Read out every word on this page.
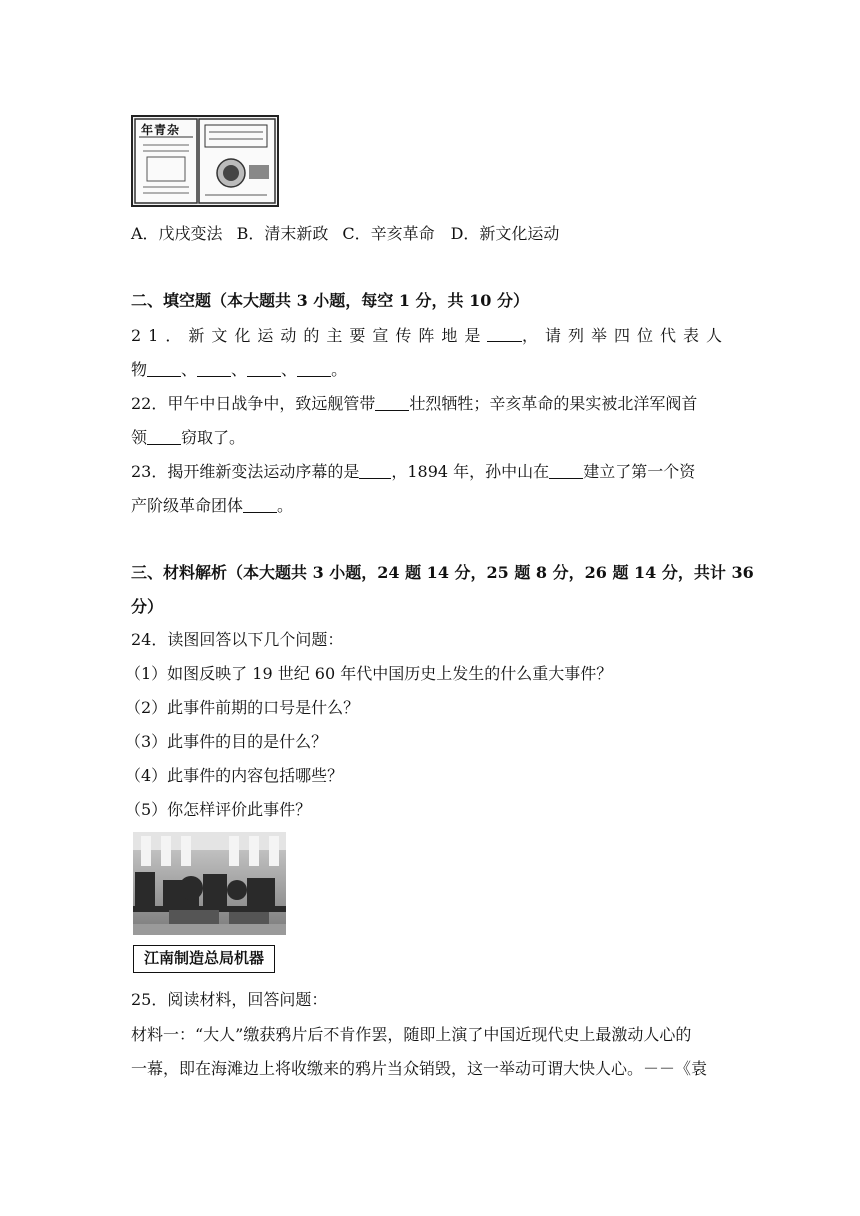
年青杂
A．戊戌变法 B．清末新政 C．辛亥革命 D．新文化运动
二、填空题（本大题共 3 小题，每空 1 分，共 10 分）
21．新文化运动的主要宣传阵地是 ，请列举四位代表人
物 、 、 、 。
22．甲午中日战争中，致远舰管带 壮烈牺牲；辛亥革命的果实被北洋军阀首
领 窃取了。
23．揭开维新变法运动序幕的是 ，1894 年，孙中山在 建立了第一个资
产阶级革命团体 。
三、材料解析（本大题共 3 小题，24 题 14 分，25 题 8 分，26 题 14 分，共计 36
分）
24．读图回答以下几个问题：
（1）如图反映了 19 世纪 60 年代中国历史上发生的什么重大事件？
（2）此事件前期的口号是什么？
（3）此事件的目的是什么？
（4）此事件的内容包括哪些？
（5）你怎样评价此事件？
江南制造总局机器
25．阅读材料，回答问题：
材料一：“大人”缴获鸦片后不肯作罢，随即上演了中国近现代史上最激动人心的
一幕，即在海滩边上将收缴来的鸦片当众销毁，这一举动可谓大快人心。－－《袁
